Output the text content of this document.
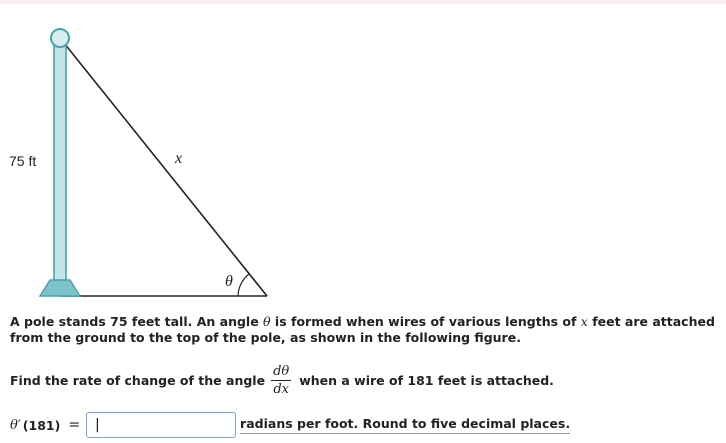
75 ft	x
θ
A pole stands 75 feet tall. An angle θ is formed when wires of various lengths of x feet are attached from the ground to the top of the pole, as shown in the following figure.
Find the rate of change of the angle $\frac{d\theta}{dx}$ when a wire of 181 feet is attached.
θ′ (181) = |	radians per foot. Round to five decimal places.
